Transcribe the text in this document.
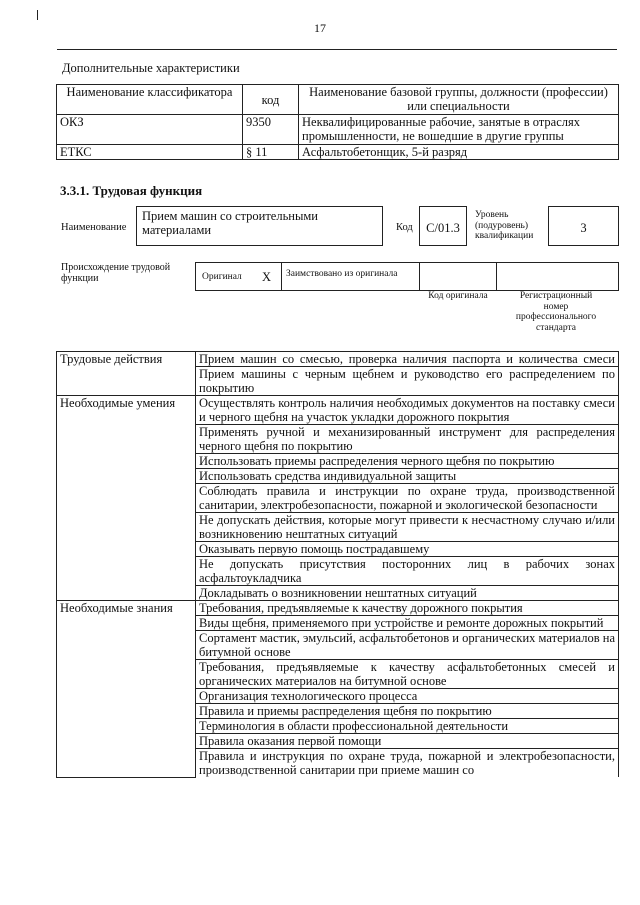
17
Дополнительные характеристики
Наименование классификатора	код	Наименование базовой группы, должности (профессии) или специальности
ОКЗ	9350	Неквалифицированные рабочие, занятые в отраслях промышленности, не вошедшие в другие группы
ЕТКС	§ 11	Асфальтобетонщик, 5-й разряд
3.3.1. Трудовая функция
Наименование
Прием машин со строительными материалами	Код	С/01.3
Уровень (подуровень) квалификации
3
Происхождение трудовой функции	Оригинал Х	Заимствовано из оригинала
Код оригинала	Регистрационный номер профессионального стандарта
Трудовые действия	Прием машин со смесью, проверка наличия паспорта и количества смеси
	Прием машины с черным щебнем и руководство его распределением по покрытию
Необходимые умения	Осуществлять контроль наличия необходимых документов на поставку смеси и черного щебня на участок укладки дорожного покрытия
	Применять ручной и механизированный инструмент для распределения черного щебня по покрытию
	Использовать приемы распределения черного щебня по покрытию
	Использовать средства индивидуальной защиты
	Соблюдать правила и инструкции по охране труда, производственной санитарии, электробезопасности, пожарной и экологической безопасности
	Не допускать действия, которые могут привести к несчастному случаю и/или возникновению нештатных ситуаций
	Оказывать первую помощь пострадавшему
	Не допускать присутствия посторонних лиц в рабочих зонах асфальтоукладчика
	Докладывать о возникновении нештатных ситуаций
Необходимые знания	Требования, предъявляемые к качеству дорожного покрытия
	Виды щебня, применяемого при устройстве и ремонте дорожных покрытий
	Сортамент мастик, эмульсий, асфальтобетонов и органических материалов на битумной основе
	Требования, предъявляемые к качеству асфальтобетонных смесей и органических материалов на битумной основе
	Организация технологического процесса
	Правила и приемы распределения щебня по покрытию
	Терминология в области профессиональной деятельности
	Правила оказания первой помощи
	Правила и инструкция по охране труда, пожарной и электробезопасности, производственной санитарии при приеме машин со
